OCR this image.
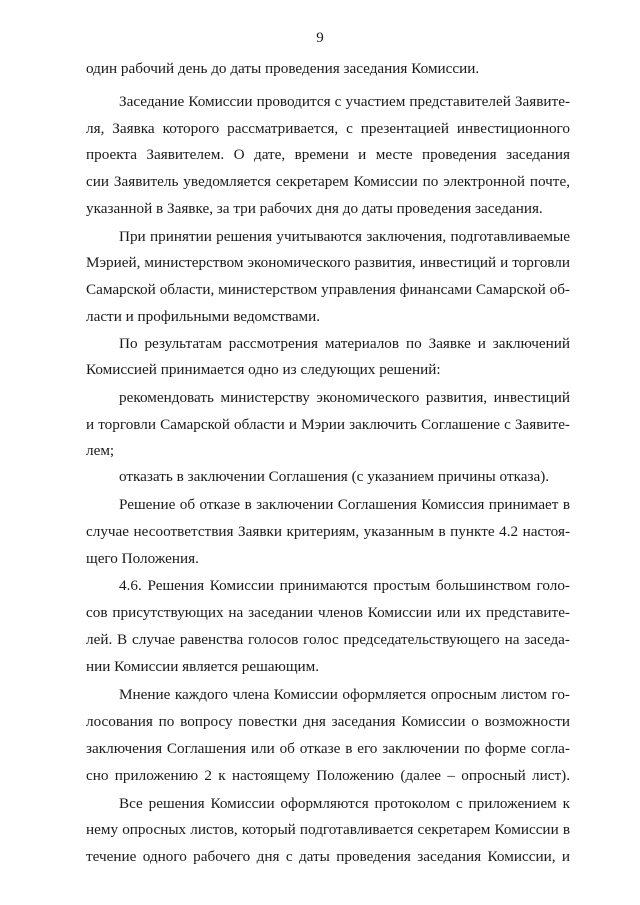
9
один рабочий день до даты проведения заседания Комиссии.
Заседание Комиссии проводится с участием представителей Заявите-
ля, Заявка которого рассматривается, с презентацией инвестиционного
проекта Заявителем. О дате, времени и месте проведения заседания
сии Заявитель уведомляется секретарем Комиссии по электронной почте,
указанной в Заявке, за три рабочих дня до даты проведения заседания.
При принятии решения учитываются заключения, подготавливаемые
Мэрией, министерством экономического развития, инвестиций и торговли
Самарской области, министерством управления финансами Самарской об-
ласти и профильными ведомствами.
По результатам рассмотрения материалов по Заявке и заключений
Комиссией принимается одно из следующих решений:
рекомендовать министерству экономического развития, инвестиций
и торговли Самарской области и Мэрии заключить Соглашение с Заявите-
лем;
отказать в заключении Соглашения (с указанием причины отказа).
Решение об отказе в заключении Соглашения Комиссия принимает в
случае несоответствия Заявки критериям, указанным в пункте 4.2 настоя-
щего Положения.
4.6. Решения Комиссии принимаются простым большинством голо-
сов присутствующих на заседании членов Комиссии или их представите-
лей. В случае равенства голосов голос председательствующего на заседа-
нии Комиссии является решающим.
Мнение каждого члена Комиссии оформляется опросным листом го-
лосования по вопросу повестки дня заседания Комиссии о возможности
заключения Соглашения или об отказе в его заключении по форме согла-
сно приложению 2 к настоящему Положению (далее – опросный лист).
Все решения Комиссии оформляются протоколом с приложением к
нему опросных листов, который подготавливается секретарем Комиссии в
течение одного рабочего дня с даты проведения заседания Комиссии, и
